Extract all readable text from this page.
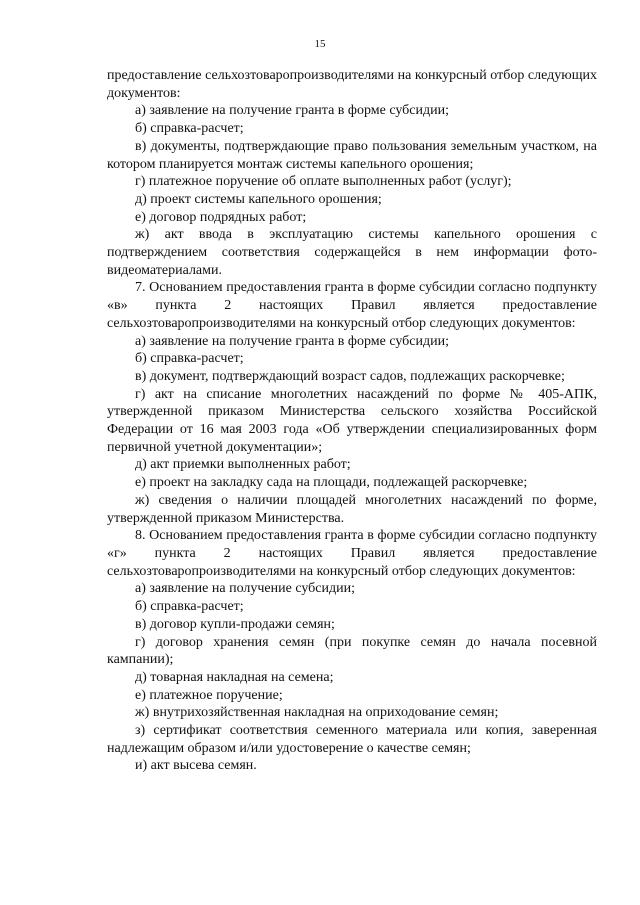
15

предоставление сельхозтоваропроизводителями на конкурсный отбор следующих документов:

а) заявление на получение гранта в форме субсидии;

б) справка-расчет;

в) документы, подтверждающие право пользования земельным участком, на котором планируется монтаж системы капельного орошения;

г) платежное поручение об оплате выполненных работ (услуг);

д) проект системы капельного орошения;

е) договор подрядных работ;

ж) акт ввода в эксплуатацию системы капельного орошения с подтверждением соответствия содержащейся в нем информации фото-видеоматериалами.

7. Основанием предоставления гранта в форме субсидии согласно подпункту «в» пункта 2 настоящих Правил является предоставление сельхозтоваропроизводителями на конкурсный отбор следующих документов:

а) заявление на получение гранта в форме субсидии;

б) справка-расчет;

в) документ, подтверждающий возраст садов, подлежащих раскорчевке;

г) акт на списание многолетних насаждений по форме № 405-АПК, утвержденной приказом Министерства сельского хозяйства Российской Федерации от 16 мая 2003 года «Об утверждении специализированных форм первичной учетной документации»;

д) акт приемки выполненных работ;

е) проект на закладку сада на площади, подлежащей раскорчевке;

ж) сведения о наличии площадей многолетних насаждений по форме, утвержденной приказом Министерства.

8. Основанием предоставления гранта в форме субсидии согласно подпункту «г» пункта 2 настоящих Правил является предоставление сельхозтоваропроизводителями на конкурсный отбор следующих документов:

а) заявление на получение субсидии;

б) справка-расчет;

в) договор купли-продажи семян;

г) договор хранения семян (при покупке семян до начала посевной кампании);

д) товарная накладная на семена;

е) платежное поручение;

ж) внутрихозяйственная накладная на оприходование семян;

з) сертификат соответствия семенного материала или копия, заверенная надлежащим образом и/или удостоверение о качестве семян;

и) акт высева семян.
